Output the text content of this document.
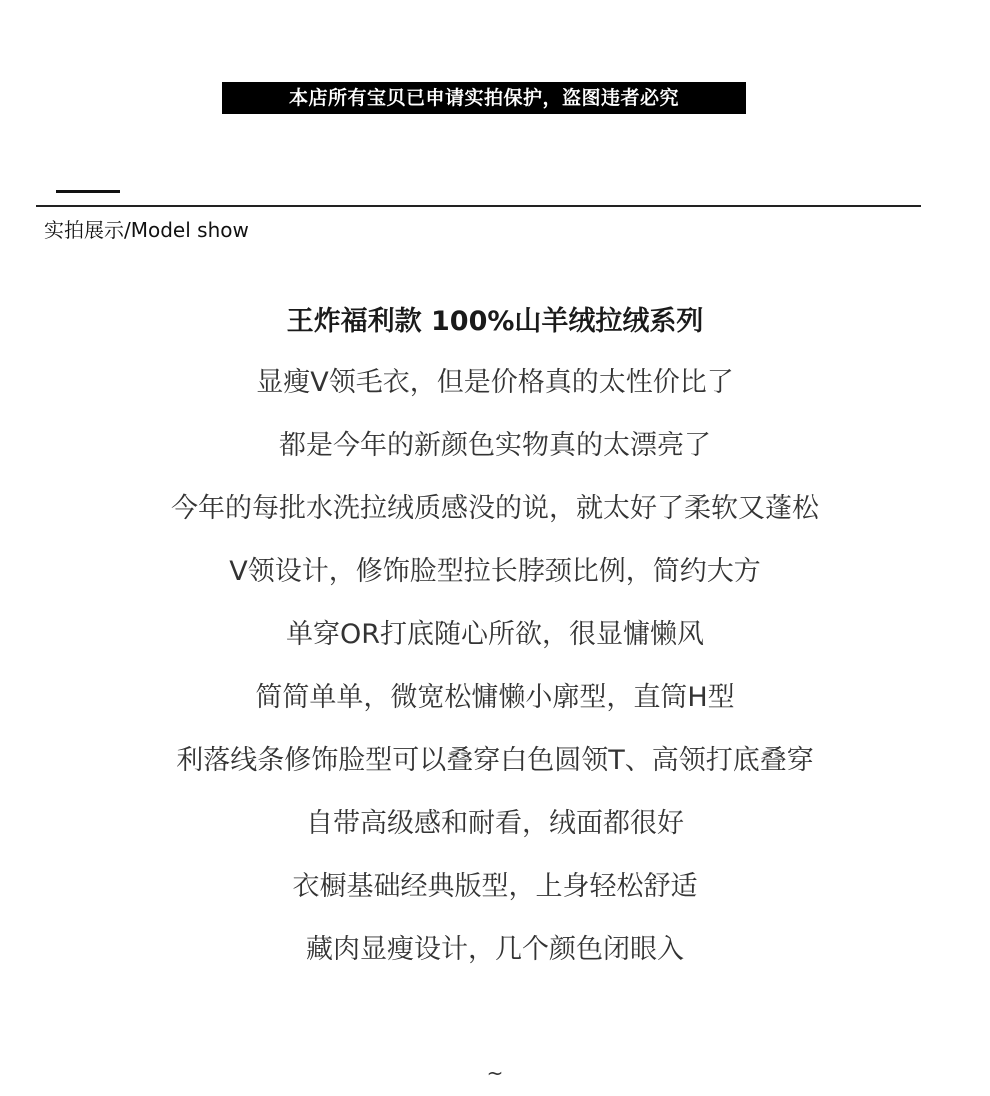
本店所有宝贝已申请实拍保护，盗图违者必究
实拍展示/Model show
王炸福利款 100%山羊绒拉绒系列
显瘦V领毛衣，但是价格真的太性价比了
都是今年的新颜色实物真的太漂亮了
今年的每批水洗拉绒质感没的说，就太好了柔软又蓬松
V领设计，修饰脸型拉长脖颈比例，简约大方
单穿OR打底随心所欲，很显慵懒风
简简单单，微宽松慵懒小廓型，直筒H型
利落线条修饰脸型可以叠穿白色圆领T、高领打底叠穿
自带高级感和耐看，绒面都很好
衣橱基础经典版型，上身轻松舒适
藏肉显瘦设计，几个颜色闭眼入
~
